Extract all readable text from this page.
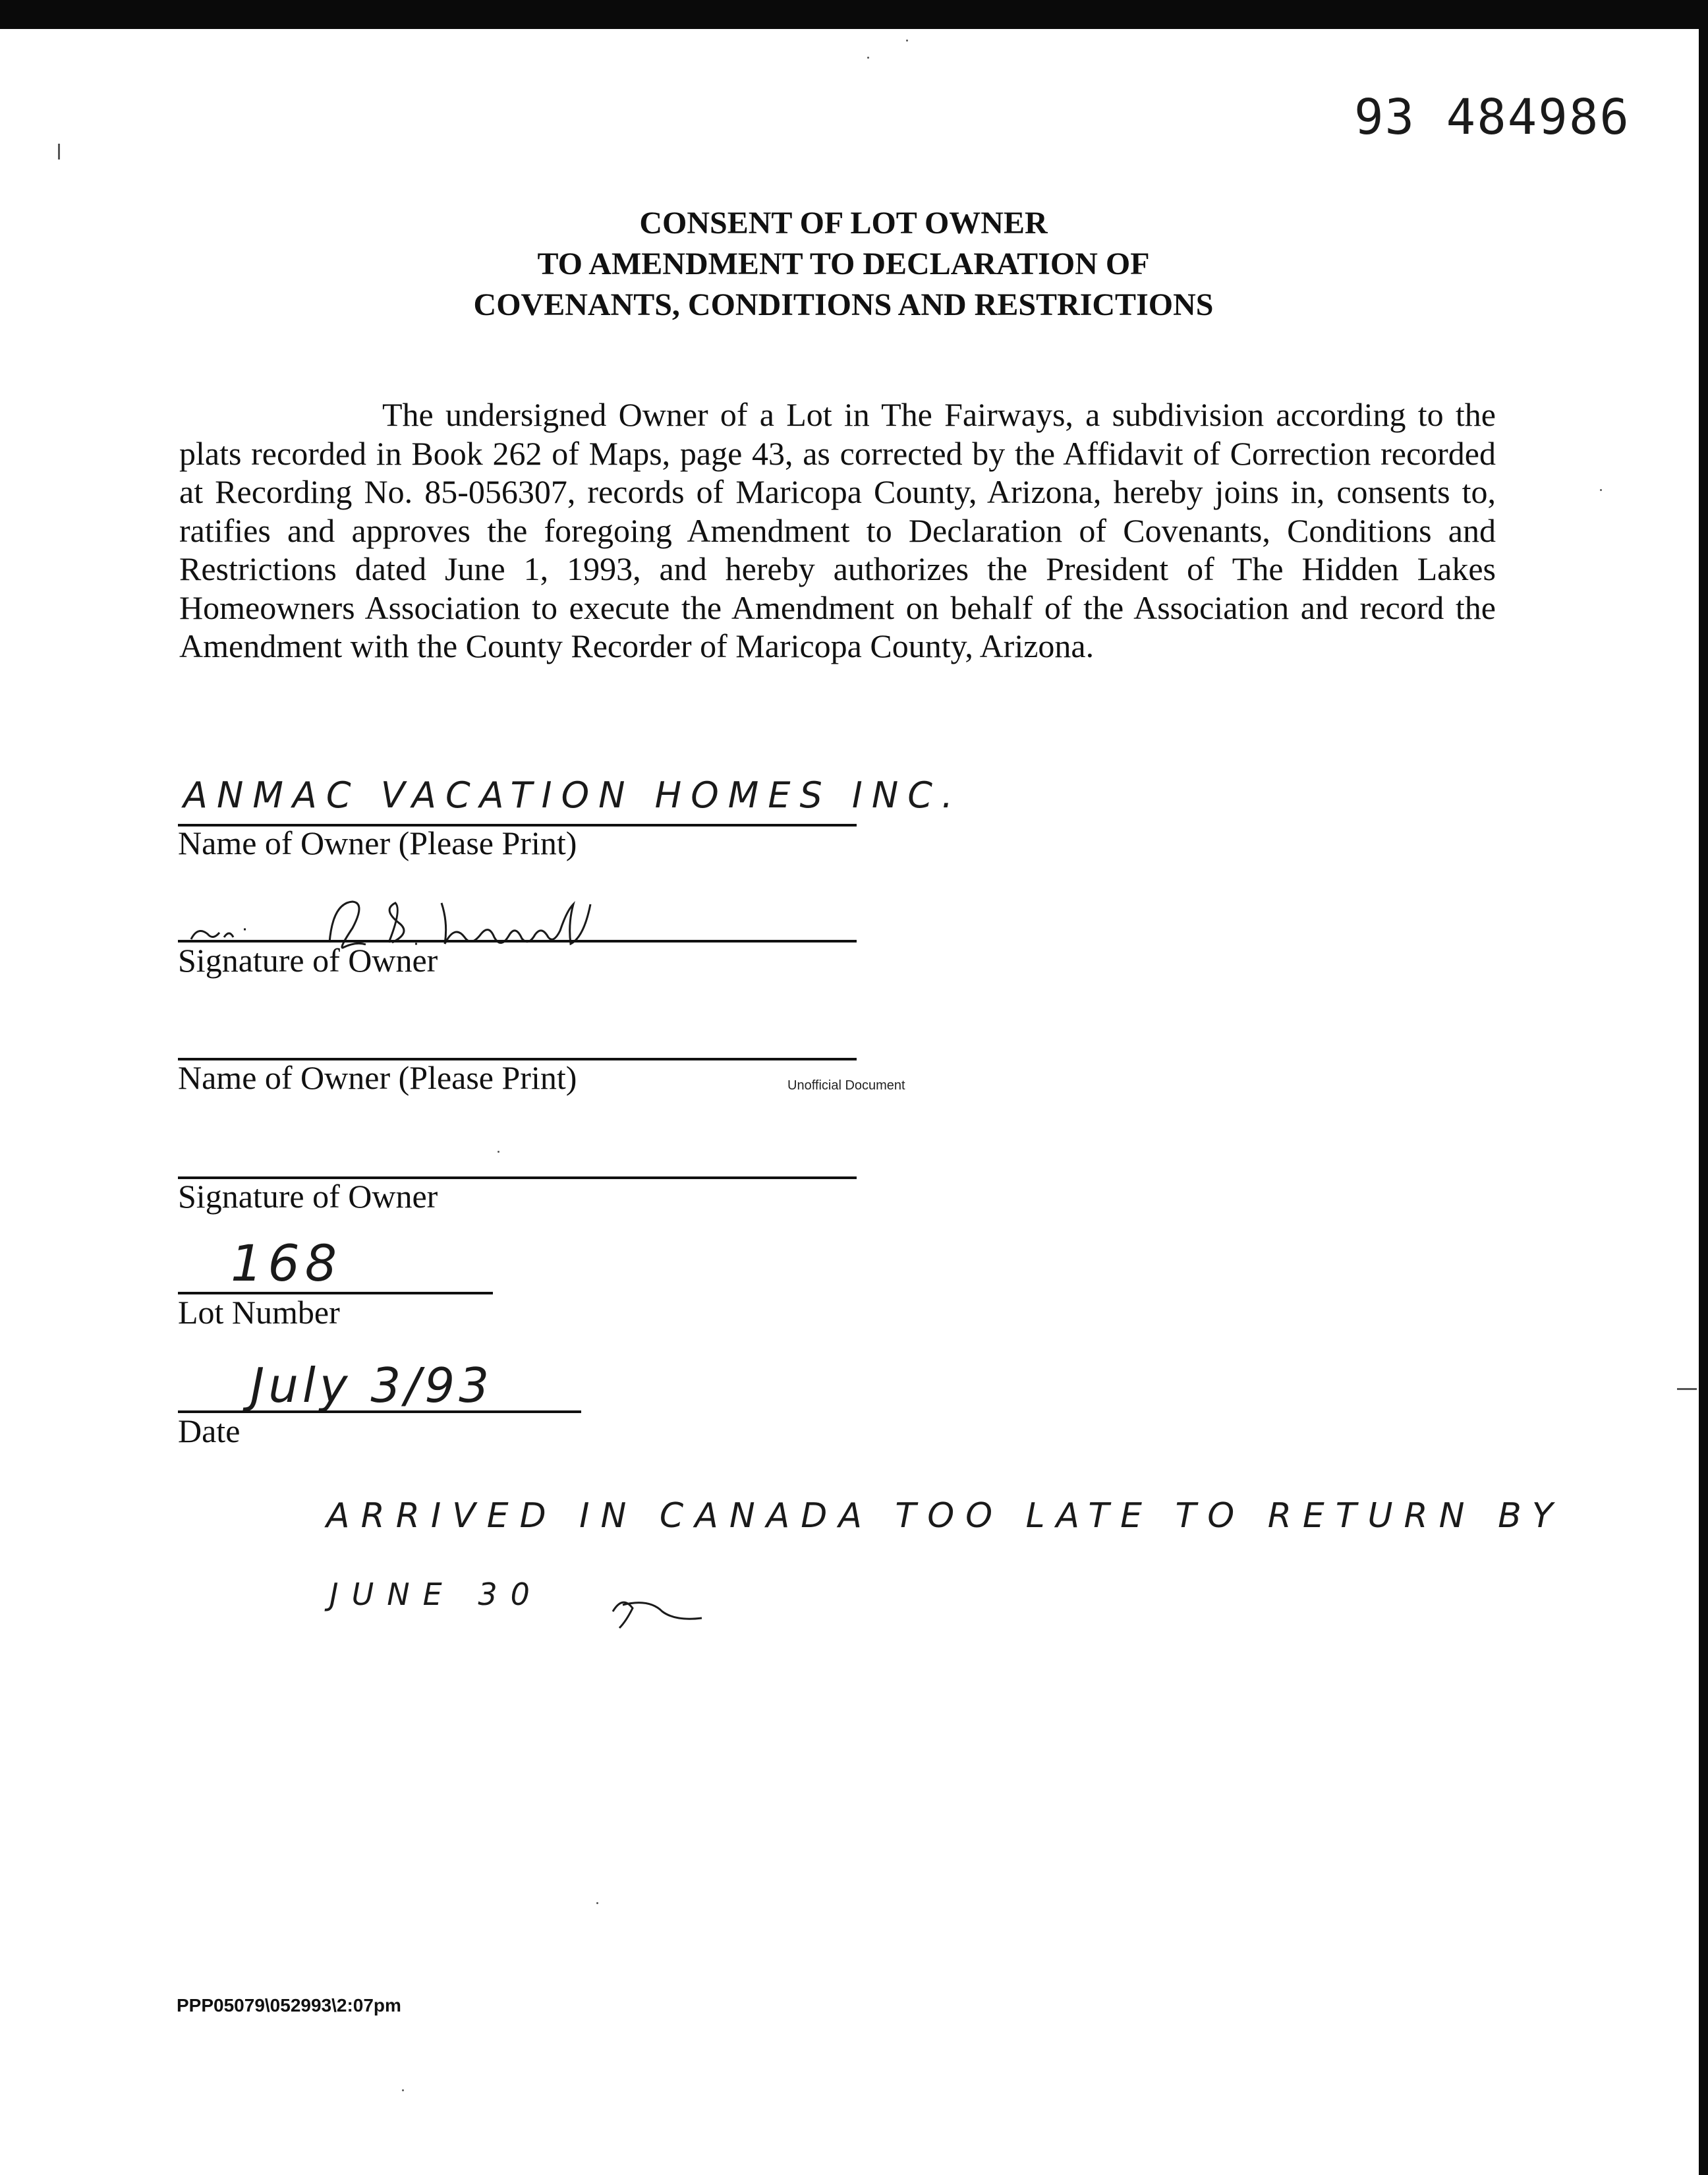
93 484986
CONSENT OF LOT OWNER
TO AMENDMENT TO DECLARATION OF
COVENANTS, CONDITIONS AND RESTRICTIONS
The undersigned Owner of a Lot in The Fairways, a subdivision according to the plats recorded in Book 262 of Maps, page 43, as corrected by the Affidavit of Correction recorded at Recording No. 85-056307, records of Maricopa County, Arizona, hereby joins in, consents to, ratifies and approves the foregoing Amendment to Declaration of Covenants, Conditions and Restrictions dated June 1, 1993, and hereby authorizes the President of The Hidden Lakes Homeowners Association to execute the Amendment on behalf of the Association and record the Amendment with the County Recorder of Maricopa County, Arizona.
ANMAC VACATION HOMES INC.
Name of Owner (Please Print)
per: A. S. Macdonald
Signature of Owner
Name of Owner (Please Print)	Unofficial Document
Signature of Owner
168
Lot Number
July 3/93
Date
ARRIVED IN CANADA TOO LATE TO RETURN BY
JUNE 30
PPP05079\052993\2:07pm
